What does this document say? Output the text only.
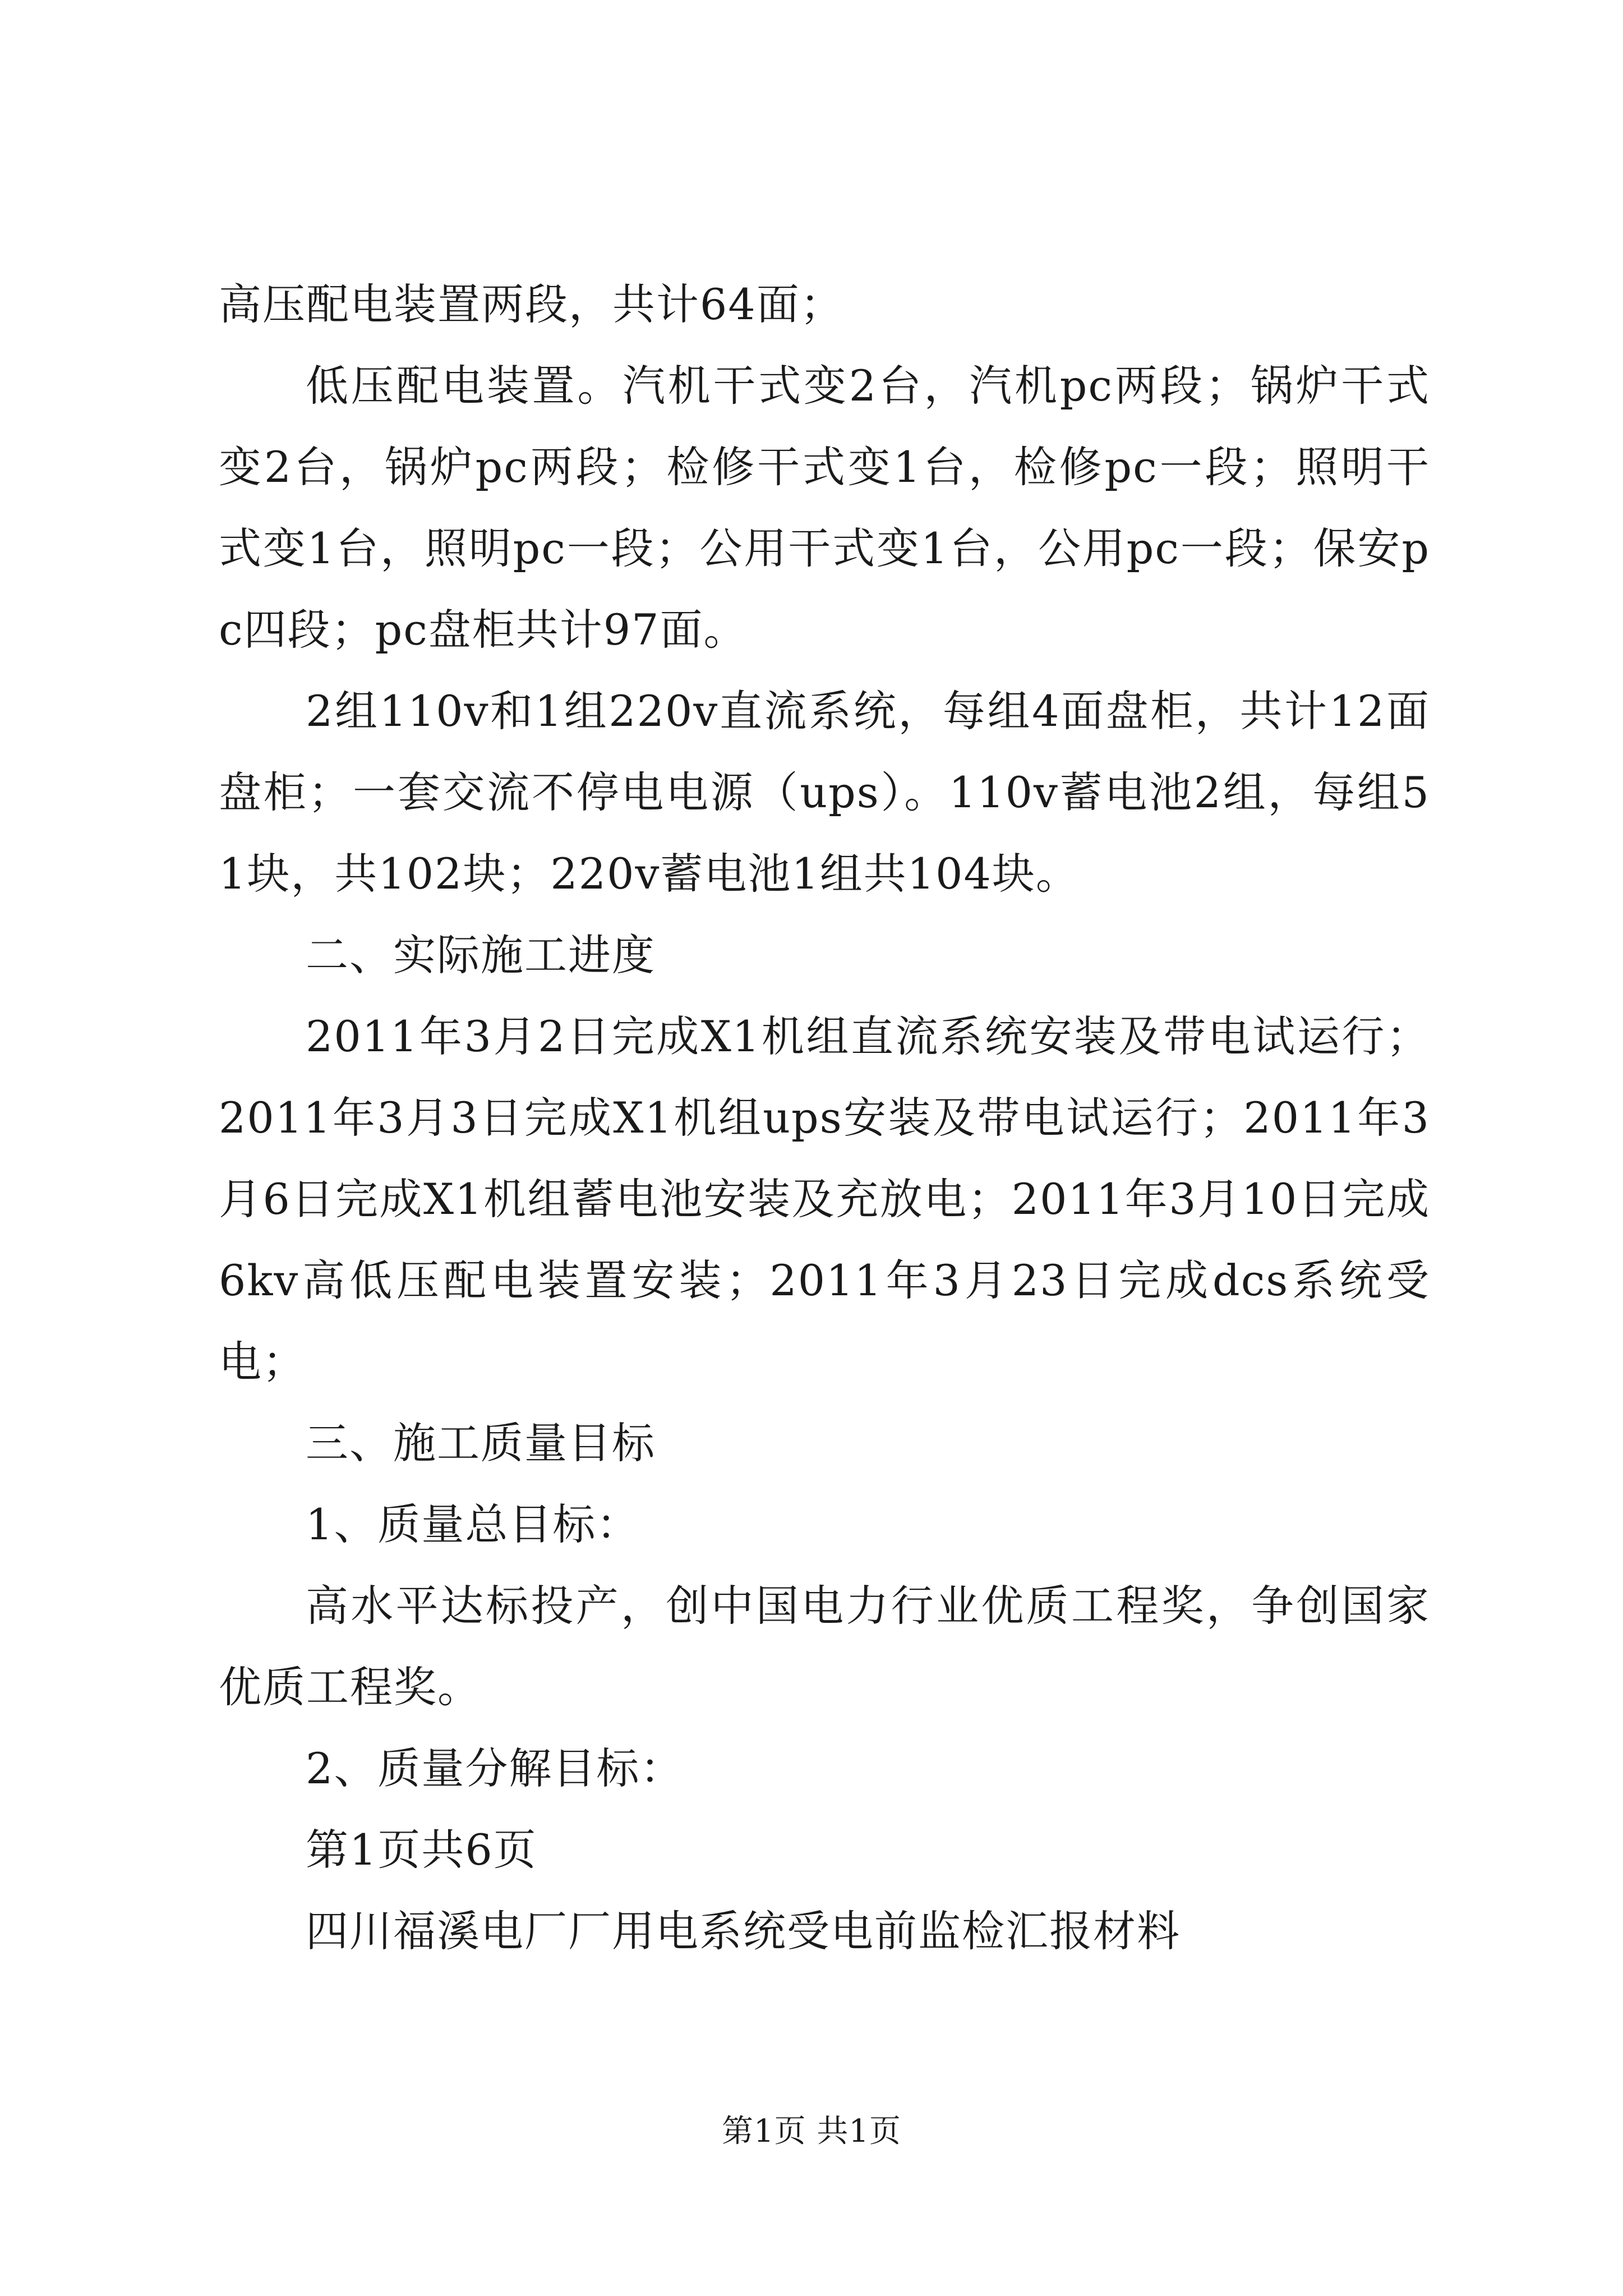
高压配电装置两段，共计64面；

低压配电装置。汽机干式变2台，汽机pc两段；锅炉干式变2台，锅炉pc两段；检修干式变1台，检修pc一段；照明干式变1台，照明pc一段；公用干式变1台，公用pc一段；保安pc四段；pc盘柜共计97面。

2组110v和1组220v直流系统，每组4面盘柜，共计12面盘柜；一套交流不停电电源（ups）。110v蓄电池2组，每组51块，共102块；220v蓄电池1组共104块。

二、实际施工进度

2011年3月2日完成X1机组直流系统安装及带电试运行；2011年3月3日完成X1机组ups安装及带电试运行；2011年3月6日完成X1机组蓄电池安装及充放电；2011年3月10日完成6kv高低压配电装置安装；2011年3月23日完成dcs系统受电；

三、施工质量目标

1、质量总目标：

高水平达标投产，创中国电力行业优质工程奖，争创国家优质工程奖。

2、质量分解目标：

第1页共6页

四川福溪电厂厂用电系统受电前监检汇报材料

第1页 共1页
